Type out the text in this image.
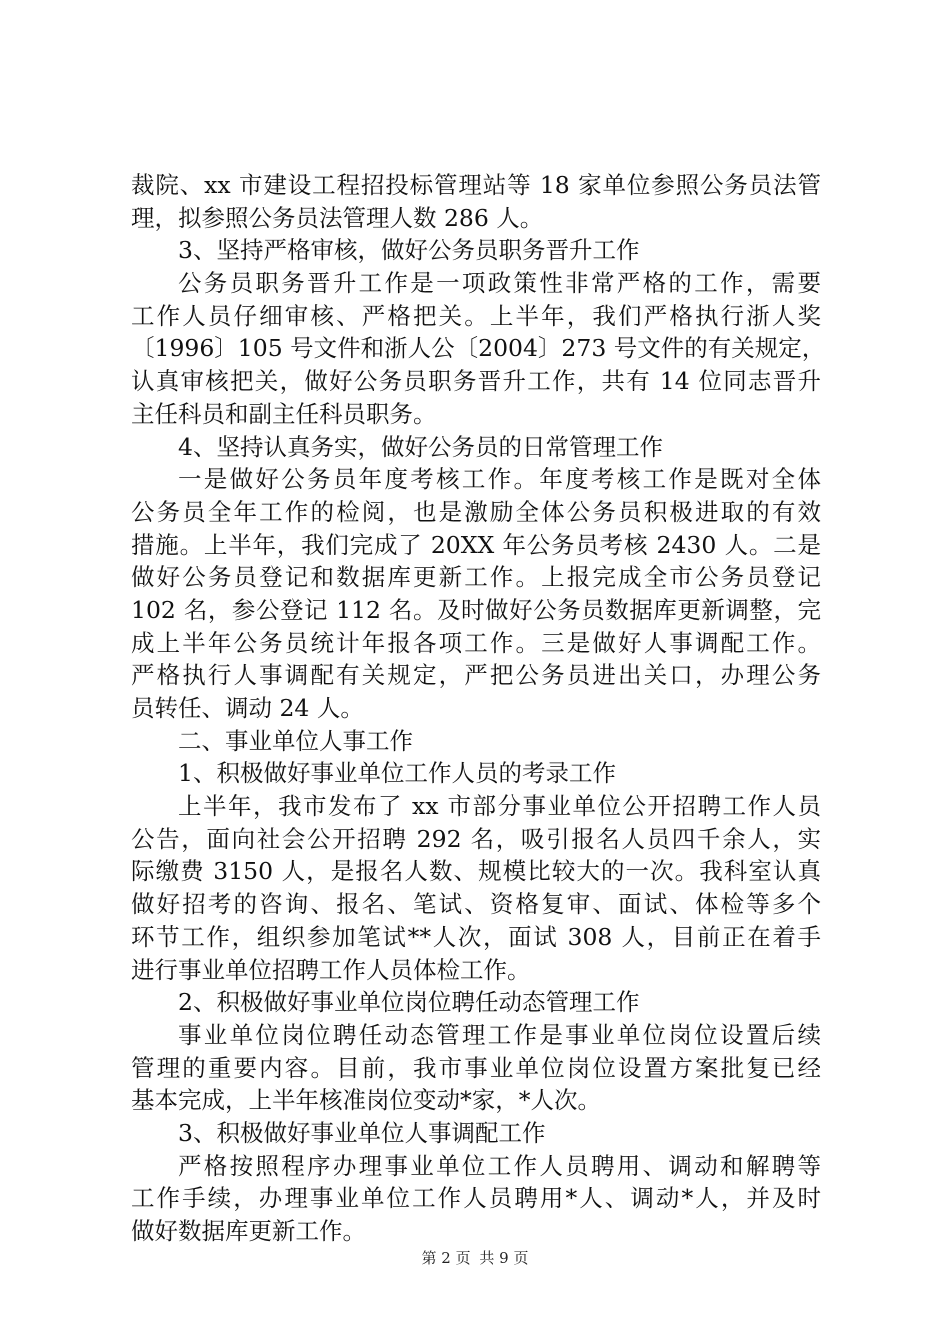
裁院、xx 市建设工程招投标管理站等 18 家单位参照公务员法管
理，拟参照公务员法管理人数 286 人。
3、坚持严格审核，做好公务员职务晋升工作
公务员职务晋升工作是一项政策性非常严格的工作，需要
工作人员仔细审核、严格把关。上半年，我们严格执行浙人奖
〔1996〕105 号文件和浙人公〔2004〕273 号文件的有关规定，
认真审核把关，做好公务员职务晋升工作，共有 14 位同志晋升
主任科员和副主任科员职务。
4、坚持认真务实，做好公务员的日常管理工作
一是做好公务员年度考核工作。年度考核工作是既对全体
公务员全年工作的检阅，也是激励全体公务员积极进取的有效
措施。上半年，我们完成了 20XX 年公务员考核 2430 人。二是
做好公务员登记和数据库更新工作。上报完成全市公务员登记
102 名，参公登记 112 名。及时做好公务员数据库更新调整，完
成上半年公务员统计年报各项工作。三是做好人事调配工作。
严格执行人事调配有关规定，严把公务员进出关口，办理公务
员转任、调动 24 人。
二、事业单位人事工作
1、积极做好事业单位工作人员的考录工作
上半年，我市发布了 xx 市部分事业单位公开招聘工作人员
公告，面向社会公开招聘 292 名，吸引报名人员四千余人，实
际缴费 3150 人，是报名人数、规模比较大的一次。我科室认真
做好招考的咨询、报名、笔试、资格复审、面试、体检等多个
环节工作，组织参加笔试**人次，面试 308 人，目前正在着手
进行事业单位招聘工作人员体检工作。
2、积极做好事业单位岗位聘任动态管理工作
事业单位岗位聘任动态管理工作是事业单位岗位设置后续
管理的重要内容。目前，我市事业单位岗位设置方案批复已经
基本完成，上半年核准岗位变动*家，*人次。
3、积极做好事业单位人事调配工作
严格按照程序办理事业单位工作人员聘用、调动和解聘等
工作手续，办理事业单位工作人员聘用*人、调动*人，并及时
做好数据库更新工作。
第 2 页 共 9 页
